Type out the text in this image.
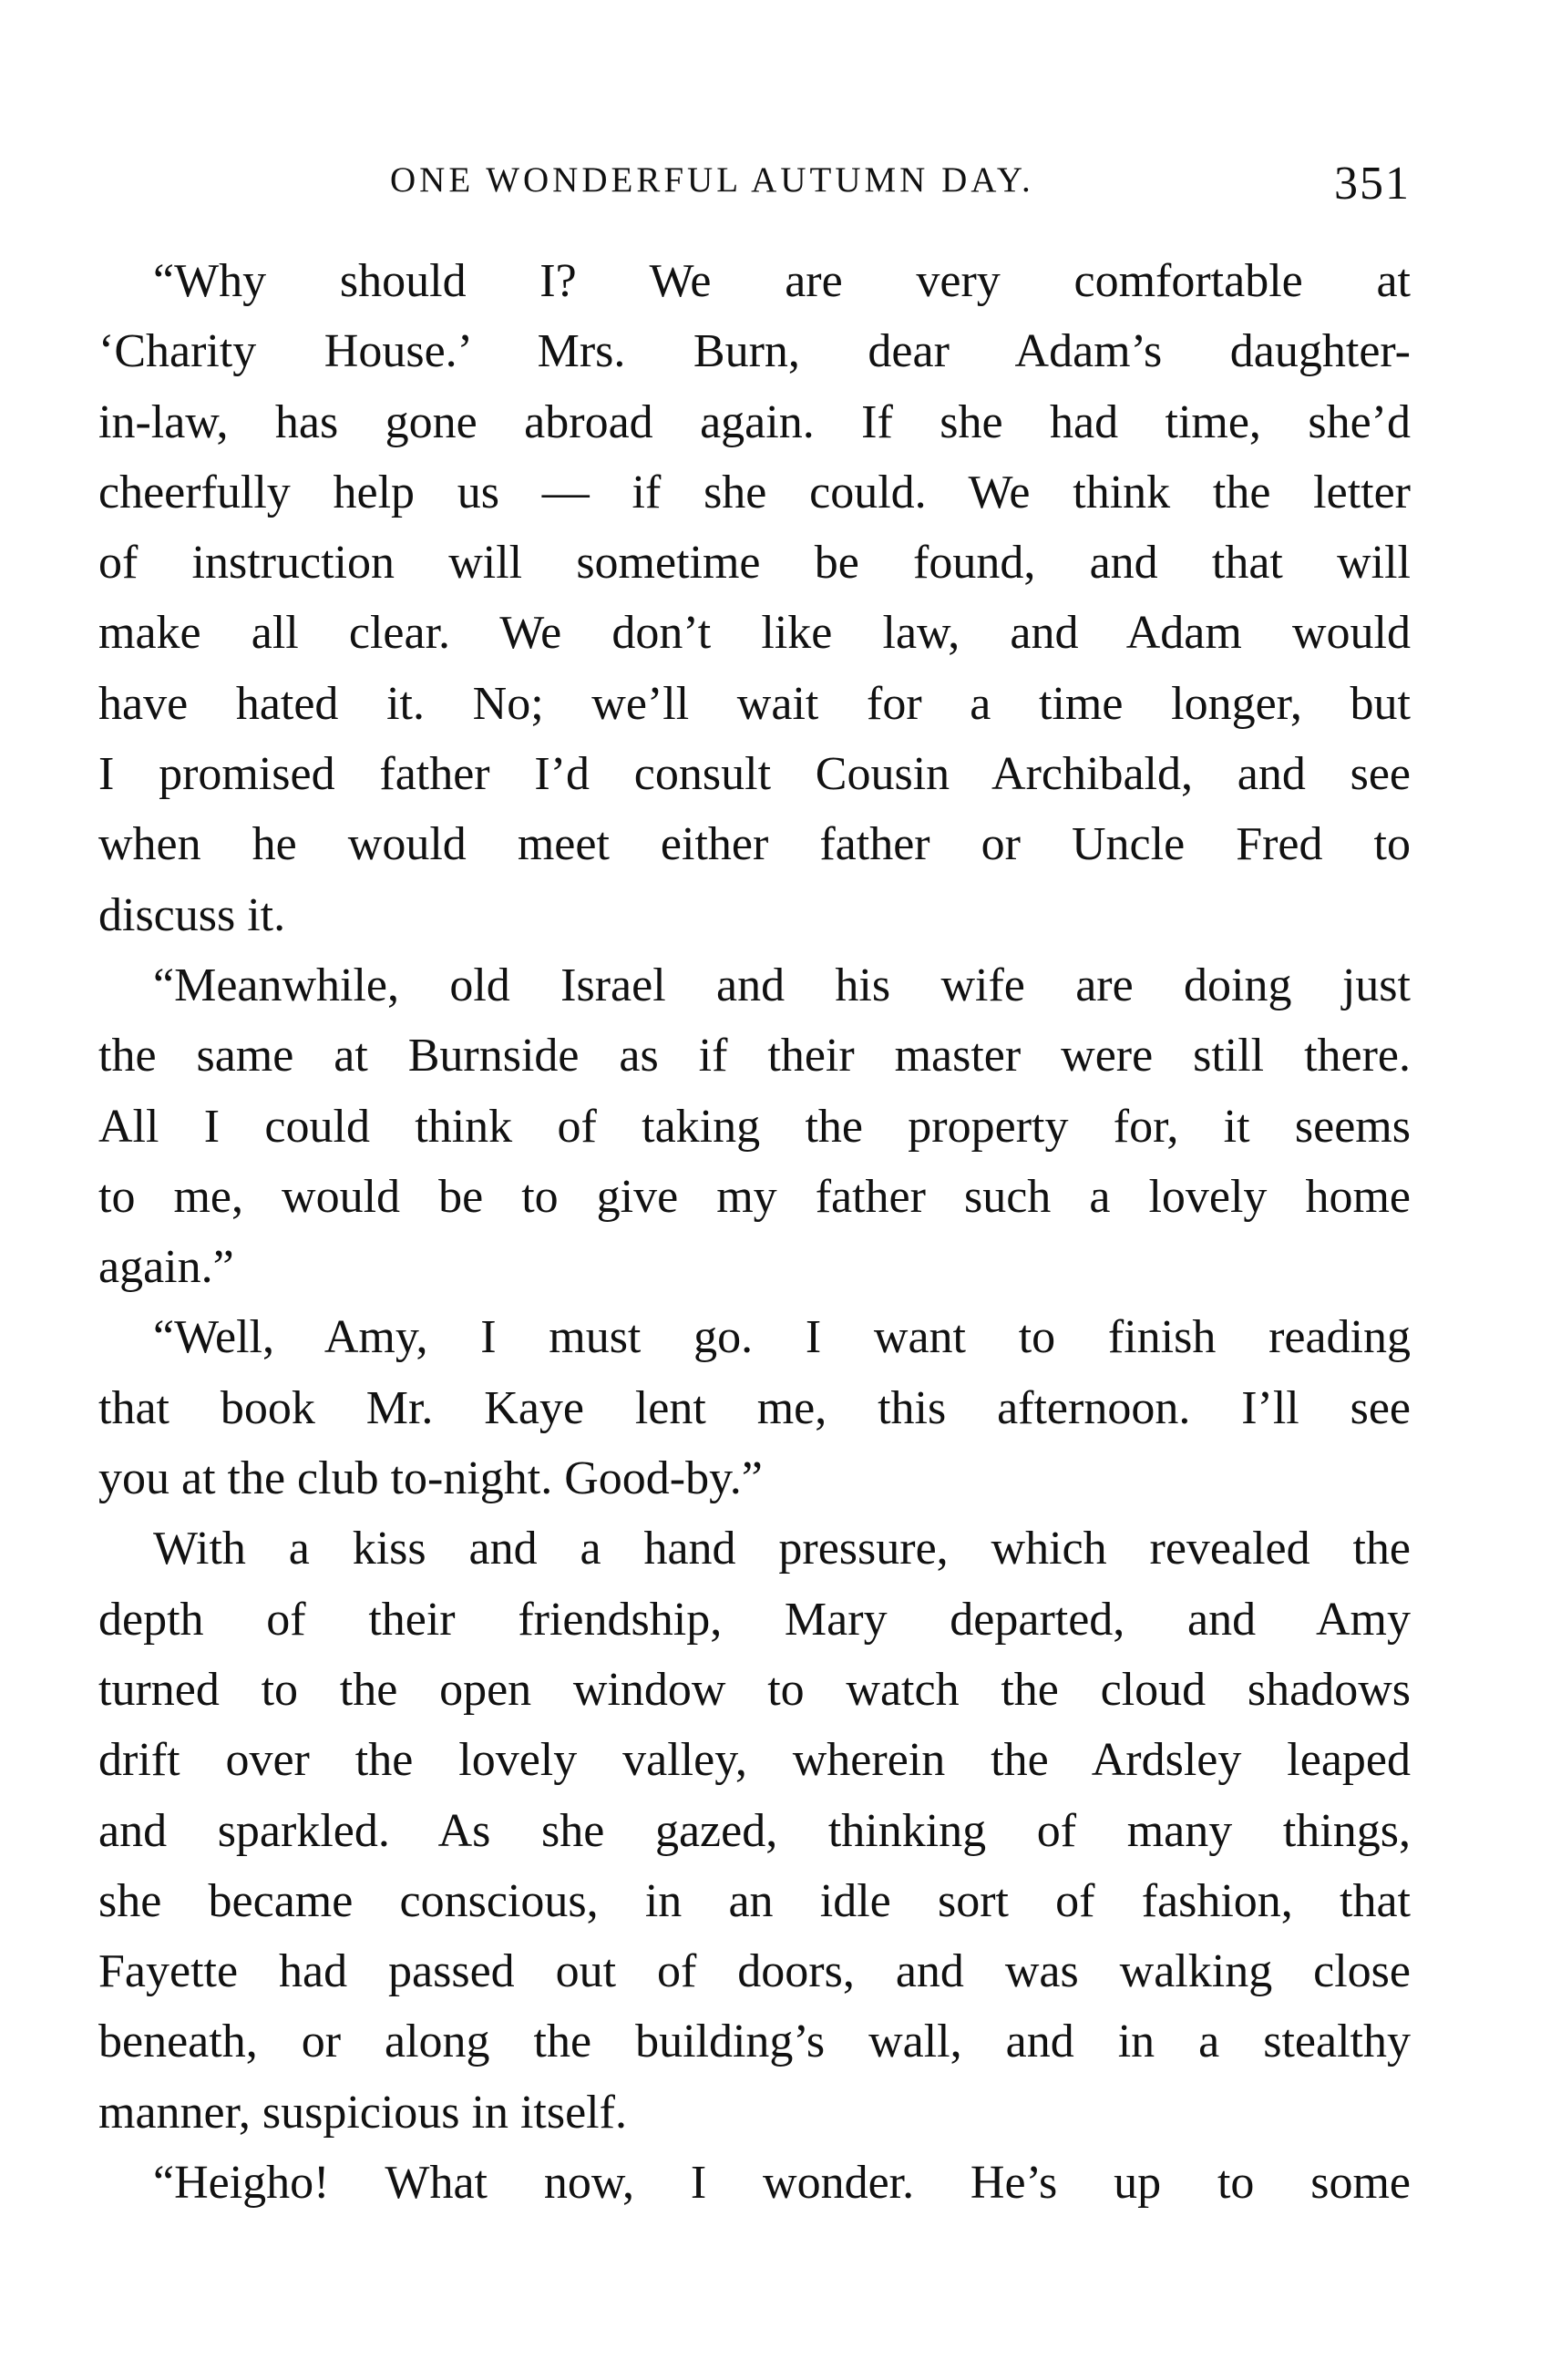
ONE WONDERFUL AUTUMN DAY.	351
“Why should I? We are very comfortable at
‘Charity House.’ Mrs. Burn, dear Adam’s daughter-
in-law, has gone abroad again. If she had time, she’d
cheerfully help us — if she could. We think the letter
of instruction will sometime be found, and that will
make all clear. We don’t like law, and Adam would
have hated it. No; we’ll wait for a time longer, but
I promised father I’d consult Cousin Archibald, and see
when he would meet either father or Uncle Fred to
discuss it.
“Meanwhile, old Israel and his wife are doing just
the same at Burnside as if their master were still there.
All I could think of taking the property for, it seems
to me, would be to give my father such a lovely home
again.”
“Well, Amy, I must go. I want to finish reading
that book Mr. Kaye lent me, this afternoon. I’ll see
you at the club to-night. Good-by.”
With a kiss and a hand pressure, which revealed the
depth of their friendship, Mary departed, and Amy
turned to the open window to watch the cloud shadows
drift over the lovely valley, wherein the Ardsley leaped
and sparkled. As she gazed, thinking of many things,
she became conscious, in an idle sort of fashion, that
Fayette had passed out of doors, and was walking close
beneath, or along the building’s wall, and in a stealthy
manner, suspicious in itself.
“Heigho! What now, I wonder. He’s up to some
